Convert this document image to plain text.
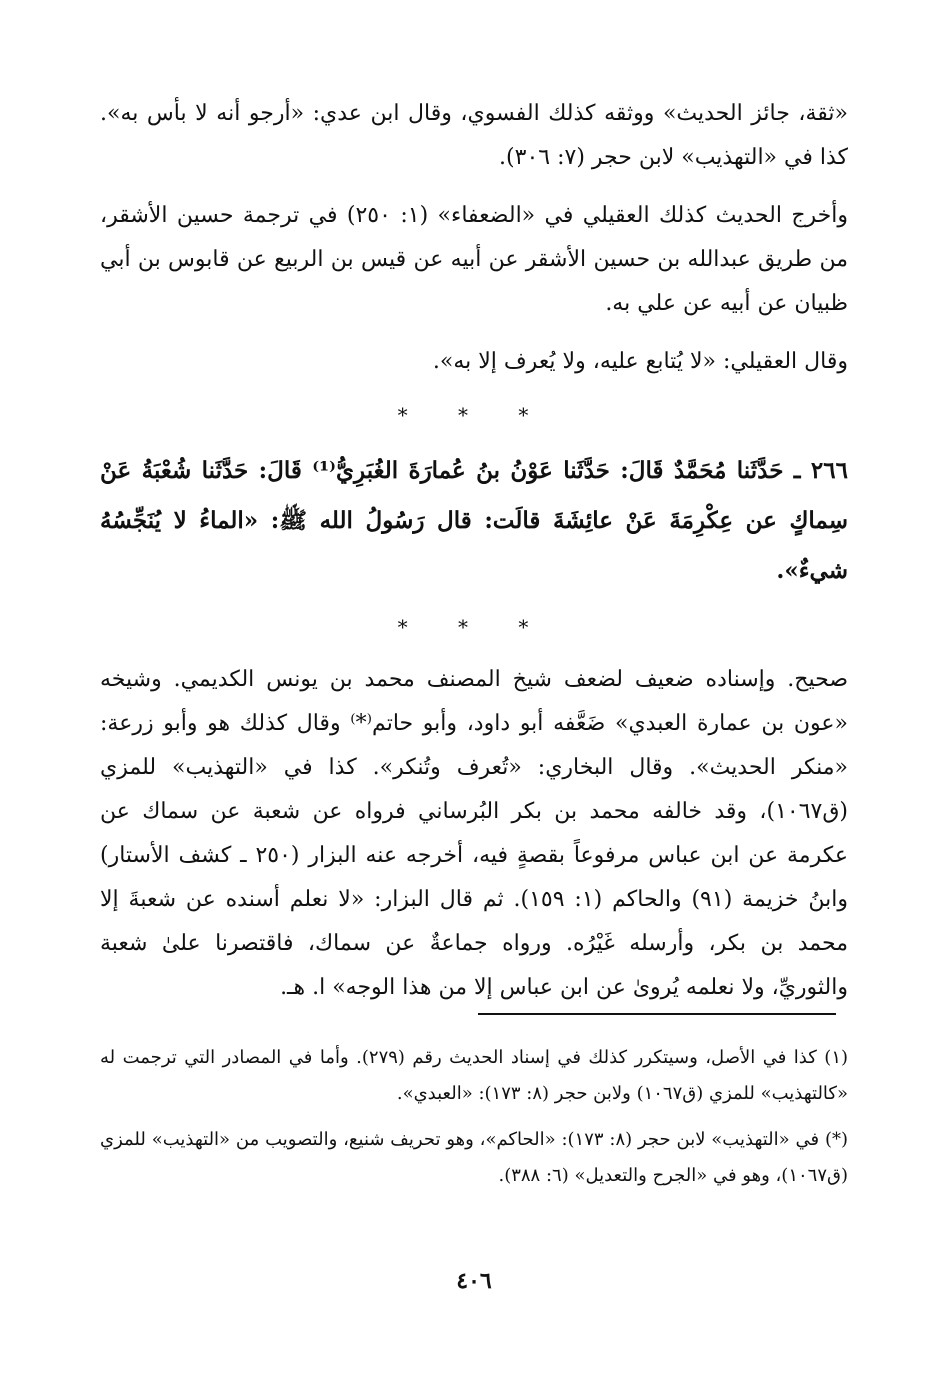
«ثقة، جائز الحديث» ووثقه كذلك الفسوي، وقال ابن عدي: «أرجو أنه لا بأس به». كذا في «التهذيب» لابن حجر (٧: ٣٠٦).

وأخرج الحديث كذلك العقيلي في «الضعفاء» (١: ٢٥٠) في ترجمة حسين الأشقر، من طريق عبدالله بن حسين الأشقر عن أبيه عن قيس بن الربيع عن قابوس بن أبي ظبيان عن أبيه عن علي به.

وقال العقيلي: «لا يُتابع عليه، ولا يُعرف إلا به».

* * *

٢٦٦ ـ حَدَّثَنا مُحَمَّدٌ قَالَ: حَدَّثَنا عَوْنُ بنُ عُمارَةَ الغُبَرِيُّ⁽¹⁾ قَالَ: حَدَّثَنا شُعْبَةُ عَنْ سِماكٍ عن عِكْرِمَةَ عَنْ عائِشَةَ قالَت: قال رَسُولُ الله ﷺ: «الماءُ لا يُنَجِّسُهُ شيءٌ».

* * *

صحيح. وإسناده ضعيف لضعف شيخ المصنف محمد بن يونس الكديمي. وشيخه «عون بن عمارة العبدي» ضَعَّفه أبو داود، وأبو حاتم⁽*⁾ وقال كذلك هو وأبو زرعة: «منكر الحديث». وقال البخاري: «تُعرف وتُنكر». كذا في «التهذيب» للمزي (ق١٠٦٧)، وقد خالفه محمد بن بكر البُرساني فرواه عن شعبة عن سماك عن عكرمة عن ابن عباس مرفوعاً بقصةٍ فيه، أخرجه عنه البزار (٢٥٠ ـ كشف الأستار) وابنُ خزيمة (٩١) والحاكم (١: ١٥٩). ثم قال البزار: «لا نعلم أسنده عن شعبةَ إلا محمد بن بكر، وأرسله غَيْرُه. ورواه جماعةٌ عن سماك، فاقتصرنا علىٰ شعبة والثوريِّ، ولا نعلمه يُروىٰ عن ابن عباس إلا من هذا الوجه» ا. هـ.

(١) كذا في الأصل، وسيتكرر كذلك في إسناد الحديث رقم (٢٧٩). وأما في المصادر التي ترجمت له «كالتهذيب» للمزي (ق١٠٦٧) ولابن حجر (٨: ١٧٣): «العبدي».

(*) في «التهذيب» لابن حجر (٨: ١٧٣): «الحاكم»، وهو تحريف شنيع، والتصويب من «التهذيب» للمزي (ق١٠٦٧)، وهو في «الجرح والتعديل» (٦: ٣٨٨).

٤٠٦
